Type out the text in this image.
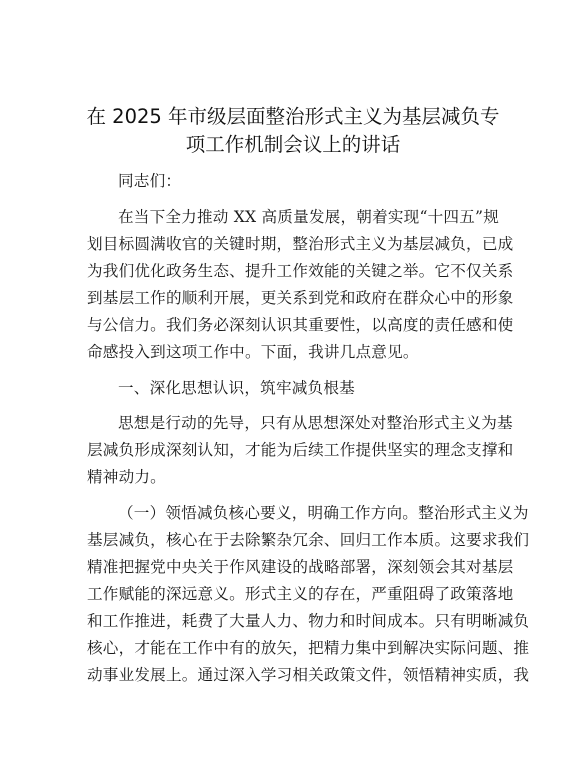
在 2025 年市级层面整治形式主义为基层减负专
项工作机制会议上的讲话

同志们：

在当下全力推动 XX 高质量发展，朝着实现“十四五”规
划目标圆满收官的关键时期，整治形式主义为基层减负，已成
为我们优化政务生态、提升工作效能的关键之举。它不仅关系
到基层工作的顺利开展，更关系到党和政府在群众心中的形象
与公信力。我们务必深刻认识其重要性，以高度的责任感和使
命感投入到这项工作中。下面，我讲几点意见。

一、深化思想认识，筑牢减负根基

思想是行动的先导，只有从思想深处对整治形式主义为基
层减负形成深刻认知，才能为后续工作提供坚实的理念支撑和
精神动力。

（一）领悟减负核心要义，明确工作方向。整治形式主义为
基层减负，核心在于去除繁杂冗余、回归工作本质。这要求我们
精准把握党中央关于作风建设的战略部署，深刻领会其对基层
工作赋能的深远意义。形式主义的存在，严重阻碍了政策落地
和工作推进，耗费了大量人力、物力和时间成本。只有明晰减负
核心，才能在工作中有的放矢，把精力集中到解决实际问题、推
动事业发展上。通过深入学习相关政策文件，领悟精神实质，我
